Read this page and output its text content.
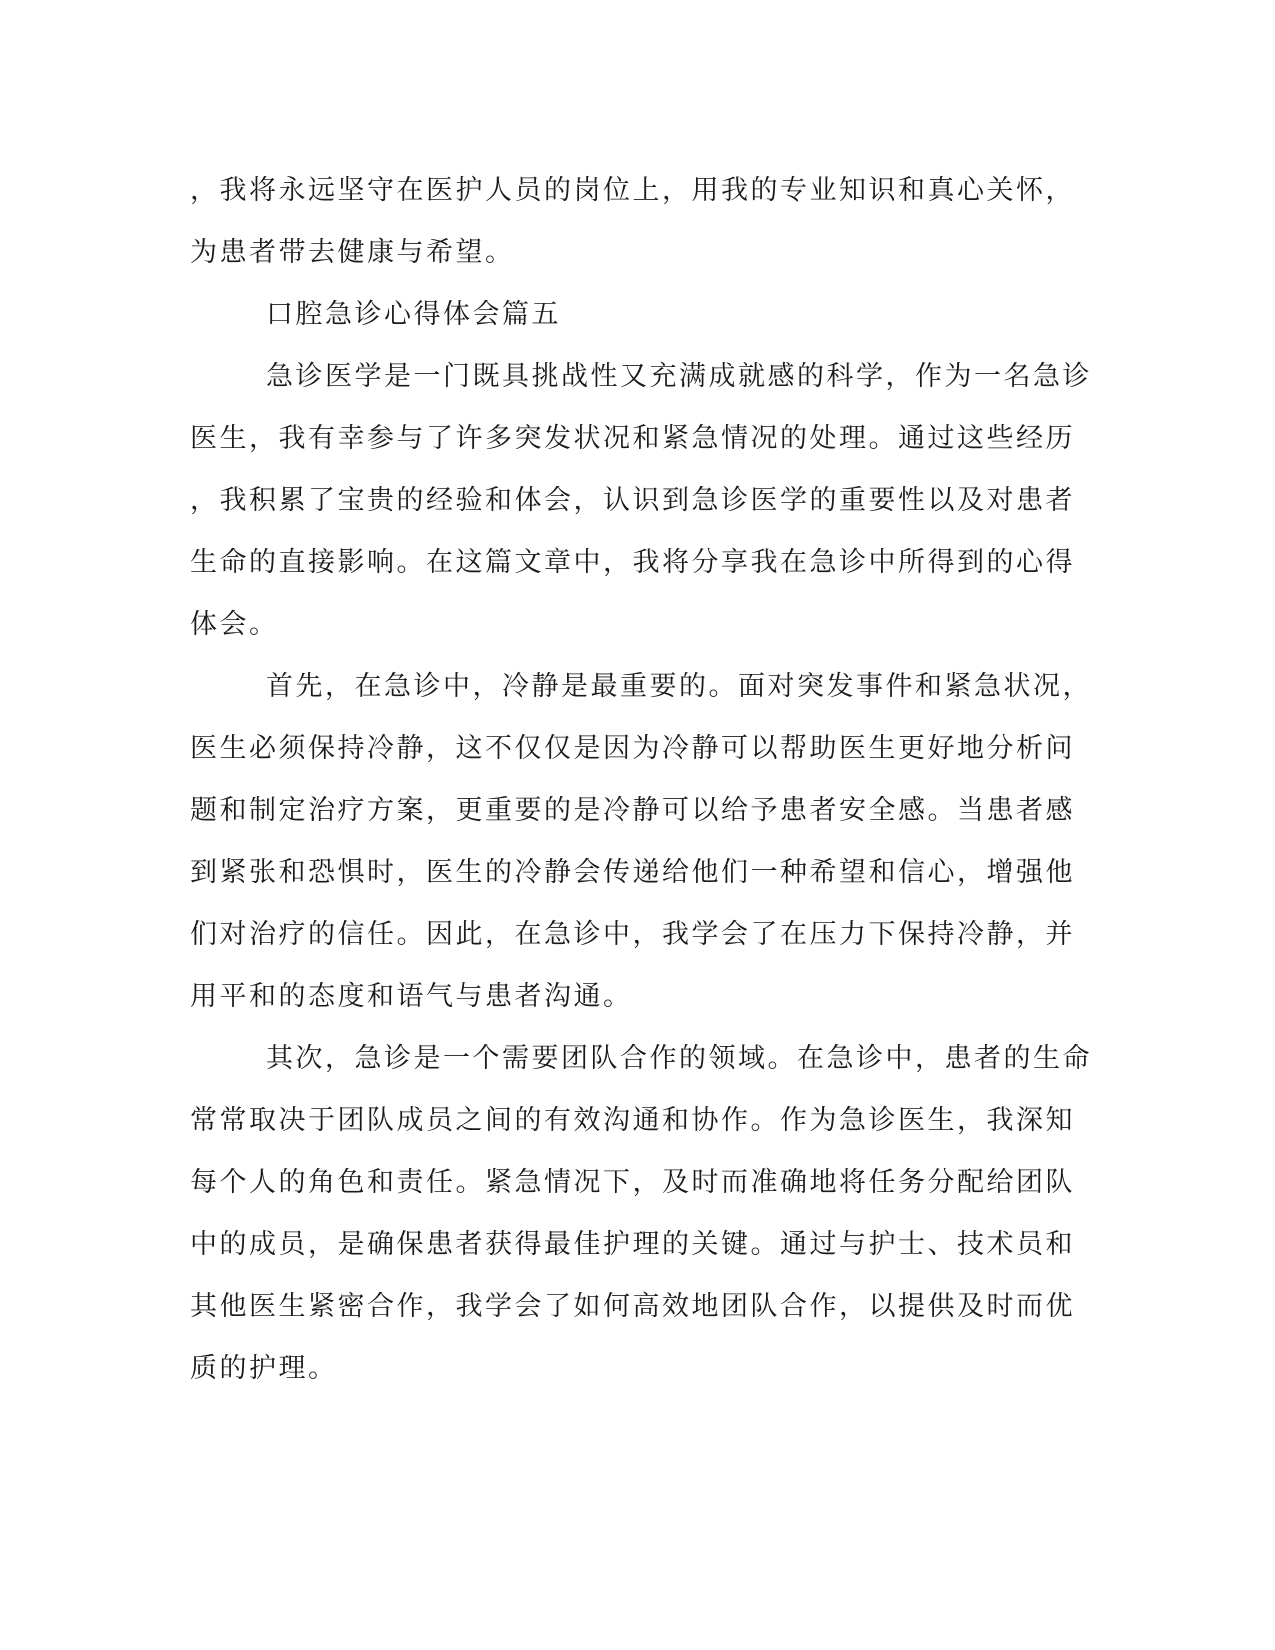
，我将永远坚守在医护人员的岗位上，用我的专业知识和真心关怀，
为患者带去健康与希望。
口腔急诊心得体会篇五
急诊医学是一门既具挑战性又充满成就感的科学，作为一名急诊
医生，我有幸参与了许多突发状况和紧急情况的处理。通过这些经历
，我积累了宝贵的经验和体会，认识到急诊医学的重要性以及对患者
生命的直接影响。在这篇文章中，我将分享我在急诊中所得到的心得
体会。
首先，在急诊中，冷静是最重要的。面对突发事件和紧急状况，
医生必须保持冷静，这不仅仅是因为冷静可以帮助医生更好地分析问
题和制定治疗方案，更重要的是冷静可以给予患者安全感。当患者感
到紧张和恐惧时，医生的冷静会传递给他们一种希望和信心，增强他
们对治疗的信任。因此，在急诊中，我学会了在压力下保持冷静，并
用平和的态度和语气与患者沟通。
其次，急诊是一个需要团队合作的领域。在急诊中，患者的生命
常常取决于团队成员之间的有效沟通和协作。作为急诊医生，我深知
每个人的角色和责任。紧急情况下，及时而准确地将任务分配给团队
中的成员，是确保患者获得最佳护理的关键。通过与护士、技术员和
其他医生紧密合作，我学会了如何高效地团队合作，以提供及时而优
质的护理。
